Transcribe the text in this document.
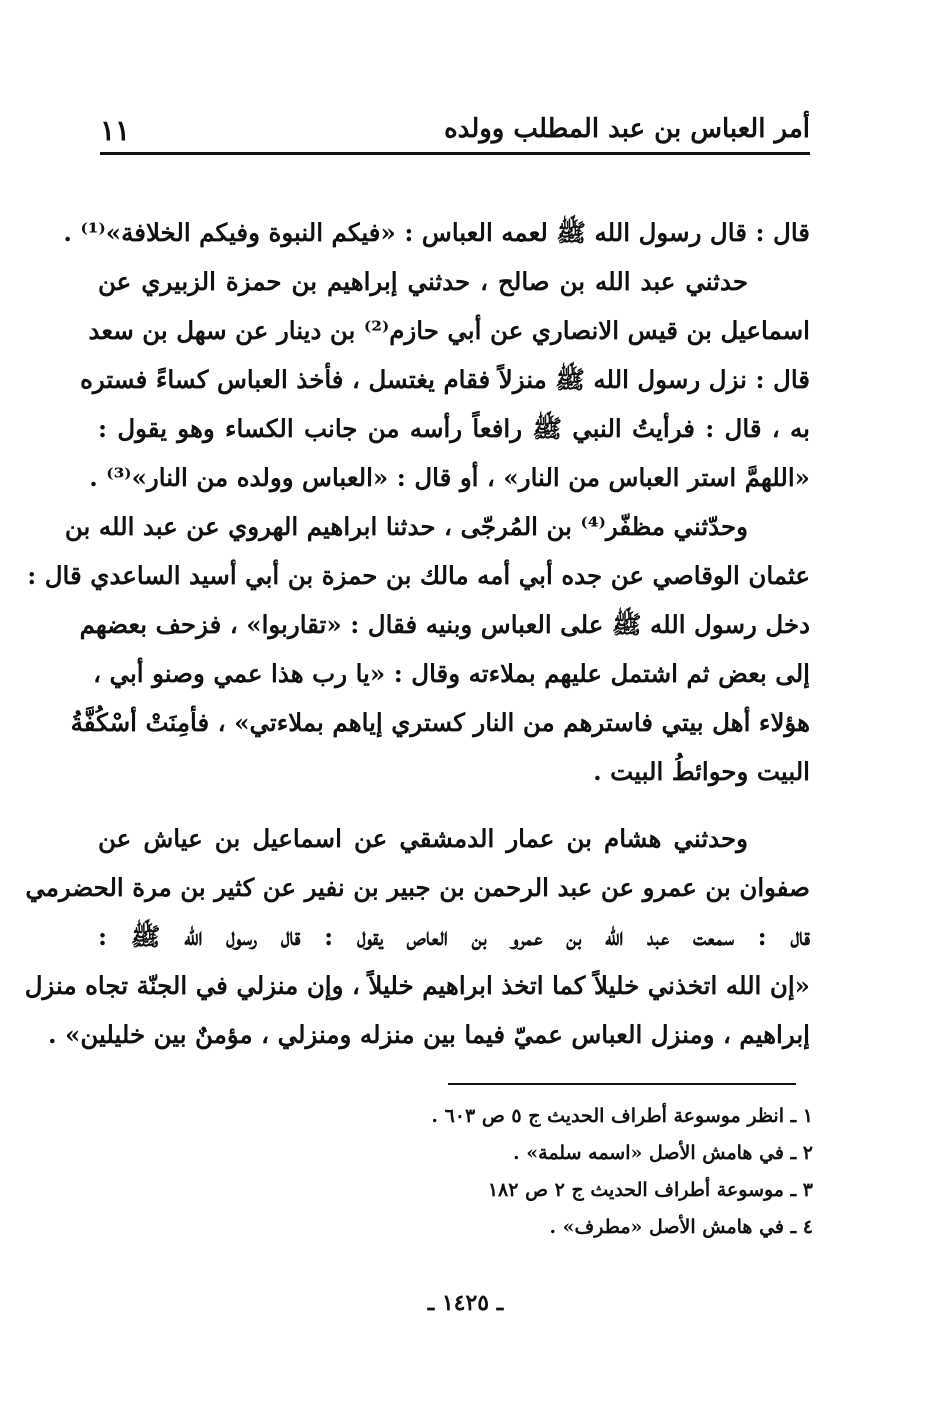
أمر العباس بن عبد المطلب وولده
١١
قال : قال رسول الله ﷺ لعمه العباس : «فيكم النبوة وفيكم الخلافة»⁽¹⁾ .
حدثني عبد الله بن صالح ، حدثني إبراهيم بن حمزة الزبيري عن
اسماعيل بن قيس الانصاري عن أبي حازم⁽²⁾ بن دينار عن سهل بن سعد
قال : نزل رسول الله ﷺ منزلاً فقام يغتسل ، فأخذ العباس كساءً فستره
به ، قال : فرأيتُ النبي ﷺ رافعاً رأسه من جانب الكساء وهو يقول :
«اللهمَّ استر العباس من النار» ، أو قال : «العباس وولده من النار»⁽³⁾ .
وحدّثني مظفّر⁽⁴⁾ بن المُرجّى ، حدثنا ابراهيم الهروي عن عبد الله بن
عثمان الوقاصي عن جده أبي أمه مالك بن حمزة بن أبي أسيد الساعدي قال :
دخل رسول الله ﷺ على العباس وبنيه فقال : «تقاربوا» ، فزحف بعضهم
إلى بعض ثم اشتمل عليهم بملاءته وقال : «يا رب هذا عمي وصنو أبي ،
هؤلاء أهل بيتي فاسترهم من النار كستري إياهم بملاءتي» ، فأمِنَتْ أسْكُفَّةُ
البيت وحوائطُ البيت .
وحدثني هشام بن عمار الدمشقي عن اسماعيل بن عياش عن
صفوان بن عمرو عن عبد الرحمن بن جبير بن نفير عن كثير بن مرة الحضرمي
قال : سمعت عبد الله بن عمرو بن العاص يقول : قال رسول الله ﷺ :
«إن الله اتخذني خليلاً كما اتخذ ابراهيم خليلاً ، وإن منزلي في الجنّة تجاه منزل
إبراهيم ، ومنزل العباس عميّ فيما بين منزله ومنزلي ، مؤمنٌ بين خليلين» .
١ ـ انظر موسوعة أطراف الحديث ج ٥ ص ٦٠٣ .
٢ ـ في هامش الأصل «اسمه سلمة» .
٣ ـ موسوعة أطراف الحديث ج ٢ ص ١٨٢
٤ ـ في هامش الأصل «مطرف» .
ـ ١٤٢٥ ـ
